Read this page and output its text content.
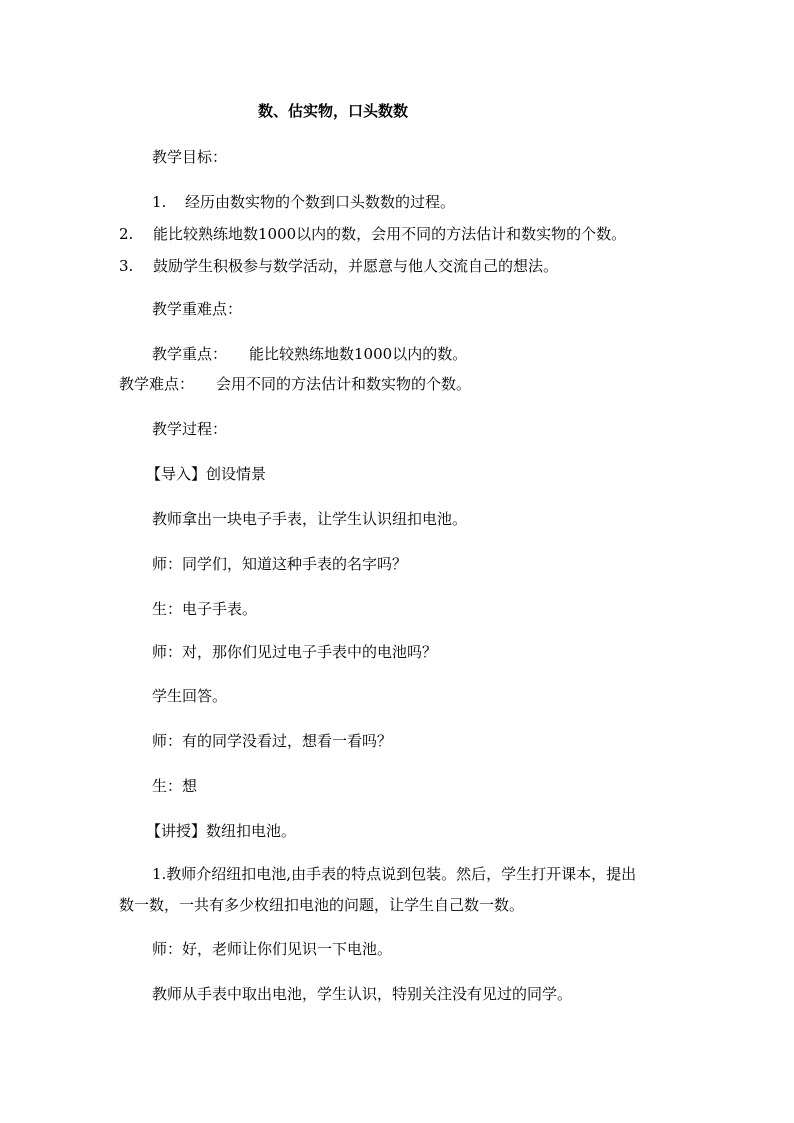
数、估实物，口头数数
教学目标：
1. 经历由数实物的个数到口头数数的过程。
2. 能比较熟练地数1000以内的数，会用不同的方法估计和数实物的个数。
3. 鼓励学生积极参与数学活动，并愿意与他人交流自己的想法。
教学重难点：
教学重点： 能比较熟练地数1000以内的数。
教学难点： 会用不同的方法估计和数实物的个数。
教学过程：
【导入】创设情景
教师拿出一块电子手表，让学生认识纽扣电池。
师：同学们，知道这种手表的名字吗？
生：电子手表。
师：对，那你们见过电子手表中的电池吗？
学生回答。
师：有的同学没看过，想看一看吗？
生：想
【讲授】数纽扣电池。
1.教师介绍纽扣电池,由手表的特点说到包装。然后，学生打开课本，提出
数一数，一共有多少枚纽扣电池的问题，让学生自己数一数。
师：好，老师让你们见识一下电池。
教师从手表中取出电池，学生认识，特别关注没有见过的同学。
